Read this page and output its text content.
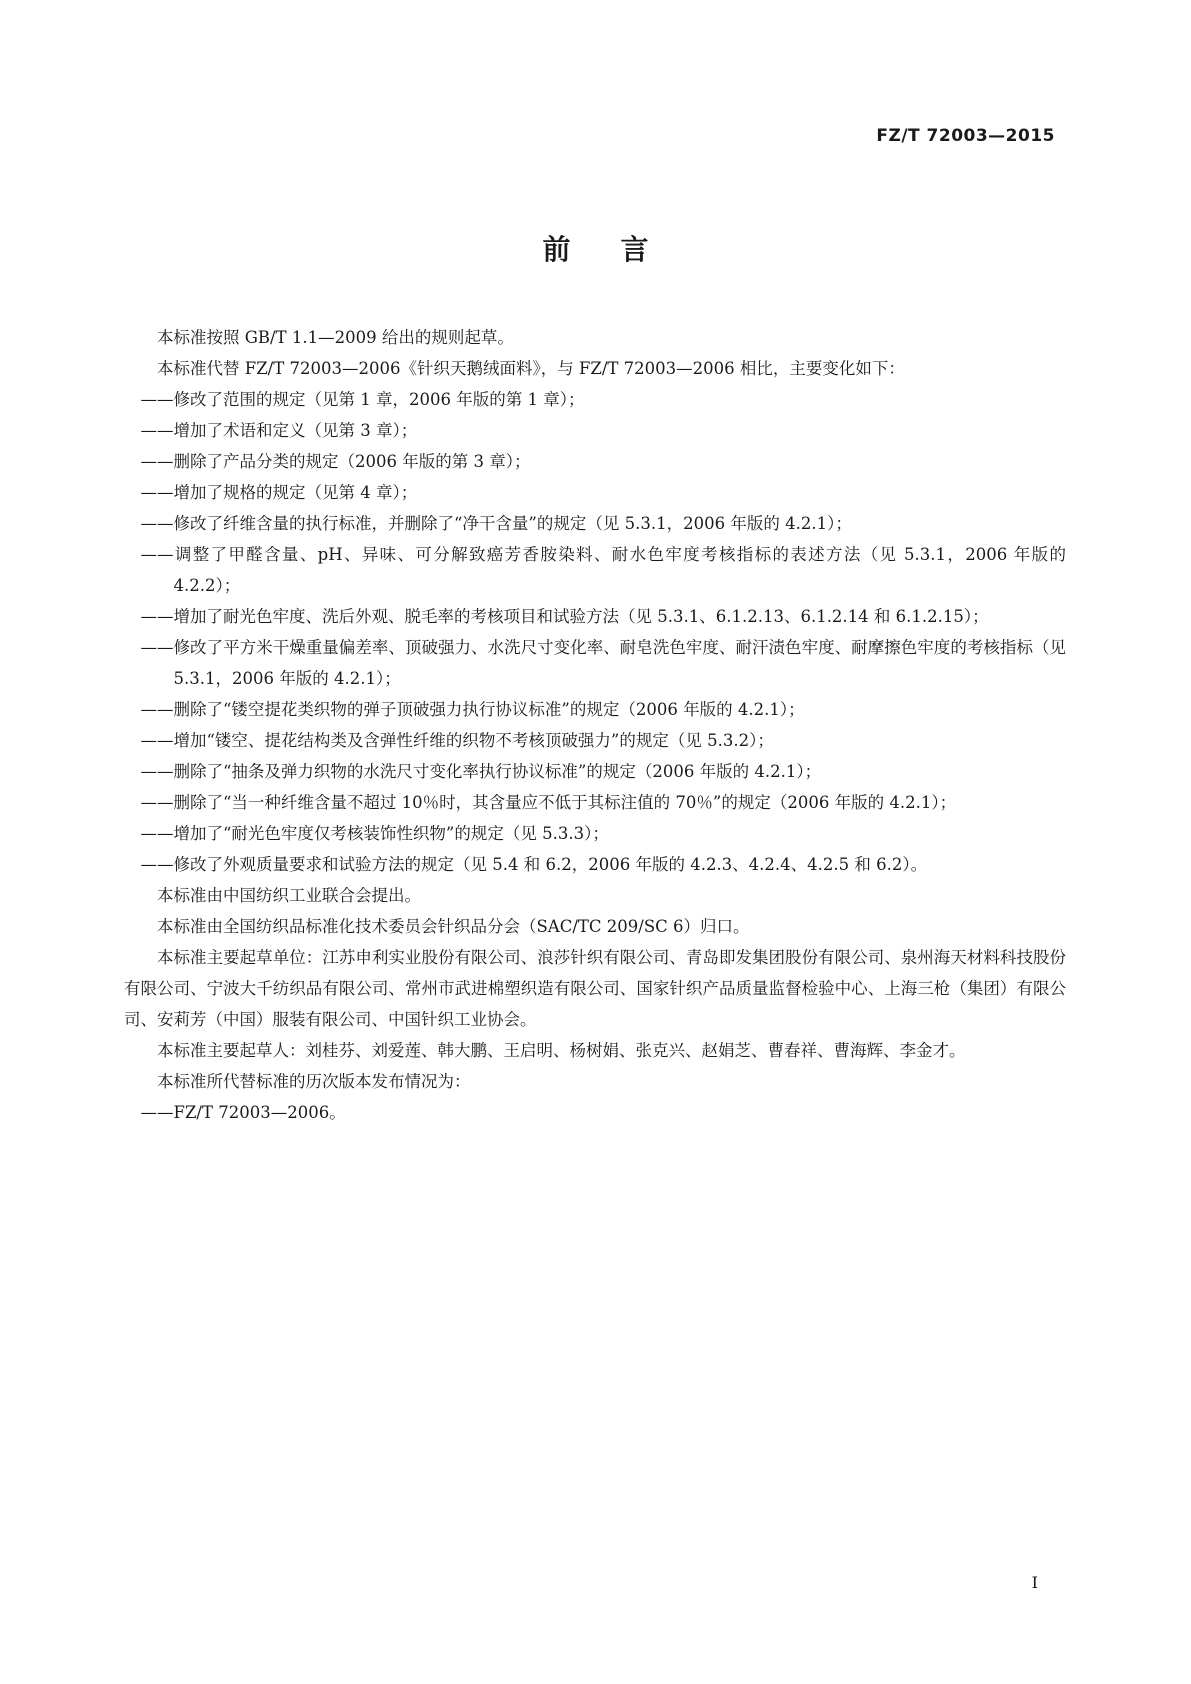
FZ/T 72003—2015
前 言

本标准按照 GB/T 1.1—2009 给出的规则起草。

本标准代替 FZ/T 72003—2006《针织天鹅绒面料》，与 FZ/T 72003—2006 相比，主要变化如下：

——修改了范围的规定（见第 1 章，2006 年版的第 1 章）；

——增加了术语和定义（见第 3 章）；

——删除了产品分类的规定（2006 年版的第 3 章）；

——增加了规格的规定（见第 4 章）；

——修改了纤维含量的执行标准，并删除了“净干含量”的规定（见 5.3.1，2006 年版的 4.2.1）；

——调整了甲醛含量、pH、异味、可分解致癌芳香胺染料、耐水色牢度考核指标的表述方法（见 5.3.1，2006 年版的 4.2.2）；

——增加了耐光色牢度、洗后外观、脱毛率的考核项目和试验方法（见 5.3.1、6.1.2.13、6.1.2.14 和 6.1.2.15）；

——修改了平方米干燥重量偏差率、顶破强力、水洗尺寸变化率、耐皂洗色牢度、耐汗渍色牢度、耐摩擦色牢度的考核指标（见 5.3.1，2006 年版的 4.2.1）；

——删除了“镂空提花类织物的弹子顶破强力执行协议标准”的规定（2006 年版的 4.2.1）；

——增加“镂空、提花结构类及含弹性纤维的织物不考核顶破强力”的规定（见 5.3.2）；

——删除了“抽条及弹力织物的水洗尺寸变化率执行协议标准”的规定（2006 年版的 4.2.1）；

——删除了“当一种纤维含量不超过 10％时，其含量应不低于其标注值的 70％”的规定（2006 年版的 4.2.1）；

——增加了“耐光色牢度仅考核装饰性织物”的规定（见 5.3.3）；

——修改了外观质量要求和试验方法的规定（见 5.4 和 6.2，2006 年版的 4.2.3、4.2.4、4.2.5 和 6.2）。

本标准由中国纺织工业联合会提出。

本标准由全国纺织品标准化技术委员会针织品分会（SAC/TC 209/SC 6）归口。

本标准主要起草单位：江苏申利实业股份有限公司、浪莎针织有限公司、青岛即发集团股份有限公司、泉州海天材料科技股份有限公司、宁波大千纺织品有限公司、常州市武进棉塑织造有限公司、国家针织产品质量监督检验中心、上海三枪（集团）有限公司、安莉芳（中国）服装有限公司、中国针织工业协会。

本标准主要起草人：刘桂芬、刘爱莲、韩大鹏、王启明、杨树娟、张克兴、赵娟芝、曹春祥、曹海辉、李金才。

本标准所代替标准的历次版本发布情况为：

——FZ/T 72003—2006。

I
